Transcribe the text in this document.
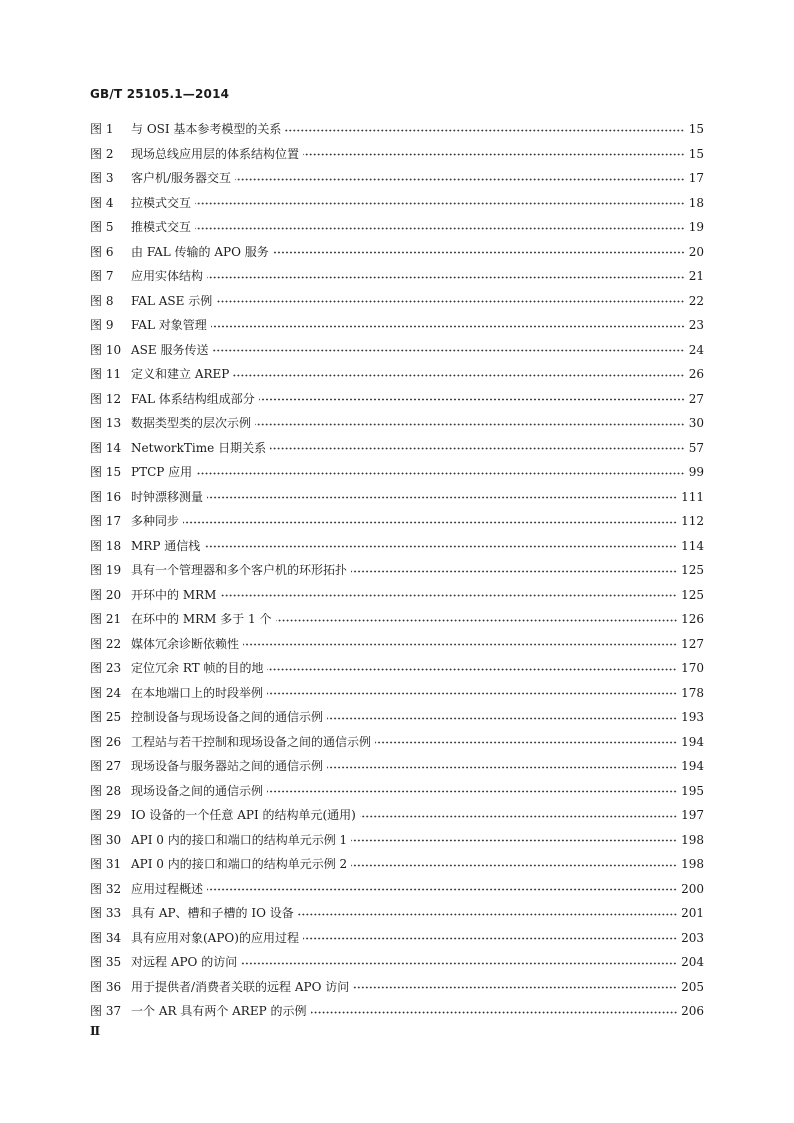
GB/T 25105.1—2014
图 1	与 OSI 基本参考模型的关系	15
图 2	现场总线应用层的体系结构位置	15
图 3	客户机/服务器交互	17
图 4	拉模式交互	18
图 5	推模式交互	19
图 6	由 FAL 传输的 APO 服务	20
图 7	应用实体结构	21
图 8	FAL ASE 示例	22
图 9	FAL 对象管理	23
图 10 ASE 服务传送	24
图 11 定义和建立 AREP	26
图 12 FAL 体系结构组成部分	27
图 13 数据类型类的层次示例	30
图 14 NetworkTime 日期关系	57
图 15 PTCP 应用	99
图 16 时钟漂移测量	111
图 17 多种同步	112
图 18 MRP 通信栈	114
图 19 具有一个管理器和多个客户机的环形拓扑	125
图 20 开环中的 MRM	125
图 21 在环中的 MRM 多于 1 个	126
图 22 媒体冗余诊断依赖性	127
图 23 定位冗余 RT 帧的目的地	170
图 24 在本地端口上的时段举例	178
图 25 控制设备与现场设备之间的通信示例	193
图 26 工程站与若干控制和现场设备之间的通信示例	194
图 27 现场设备与服务器站之间的通信示例	194
图 28 现场设备之间的通信示例	195
图 29 IO 设备的一个任意 API 的结构单元(通用)	197
图 30 API 0 内的接口和端口的结构单元示例 1	198
图 31 API 0 内的接口和端口的结构单元示例 2	198
图 32 应用过程概述	200
图 33 具有 AP、槽和子槽的 IO 设备	201
图 34 具有应用对象(APO)的应用过程	203
图 35 对远程 APO 的访问	204
图 36 用于提供者/消费者关联的远程 APO 访问	205
图 37 一个 AR 具有两个 AREP 的示例	206
Ⅱ
